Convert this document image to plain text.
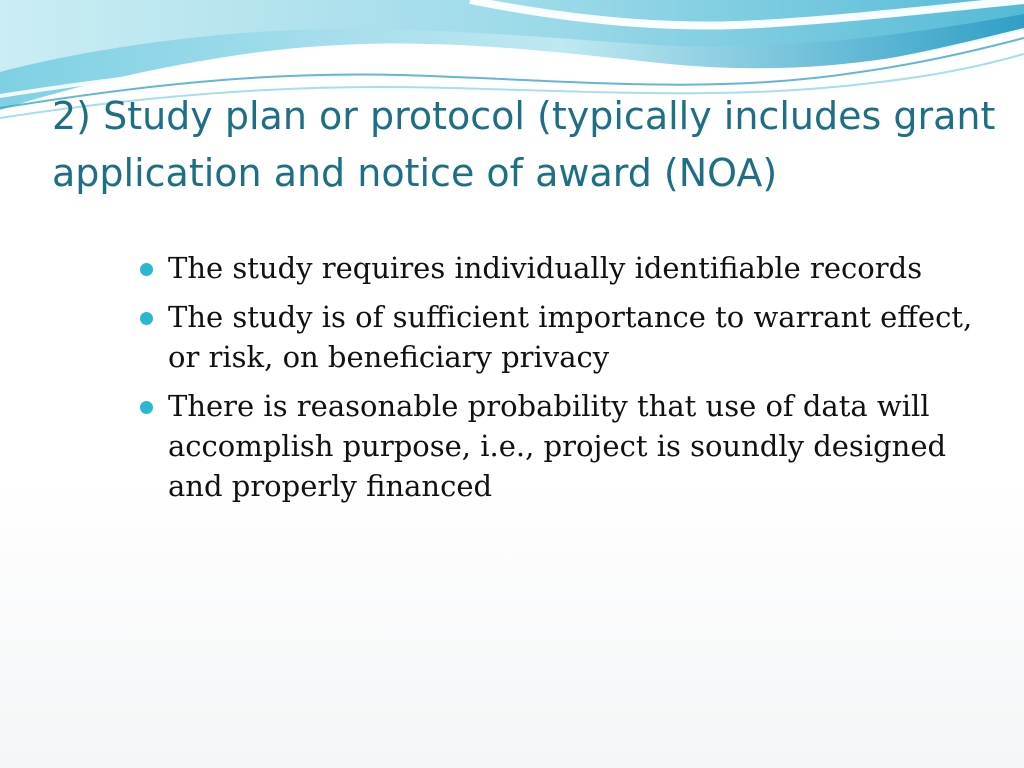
2) Study plan or protocol (typically includes grant application and notice of award (NOA)
The study requires individually identifiable records
The study is of sufficient importance to warrant effect, or risk, on beneficiary privacy
There is reasonable probability that use of data will accomplish purpose, i.e., project is soundly designed and properly financed
